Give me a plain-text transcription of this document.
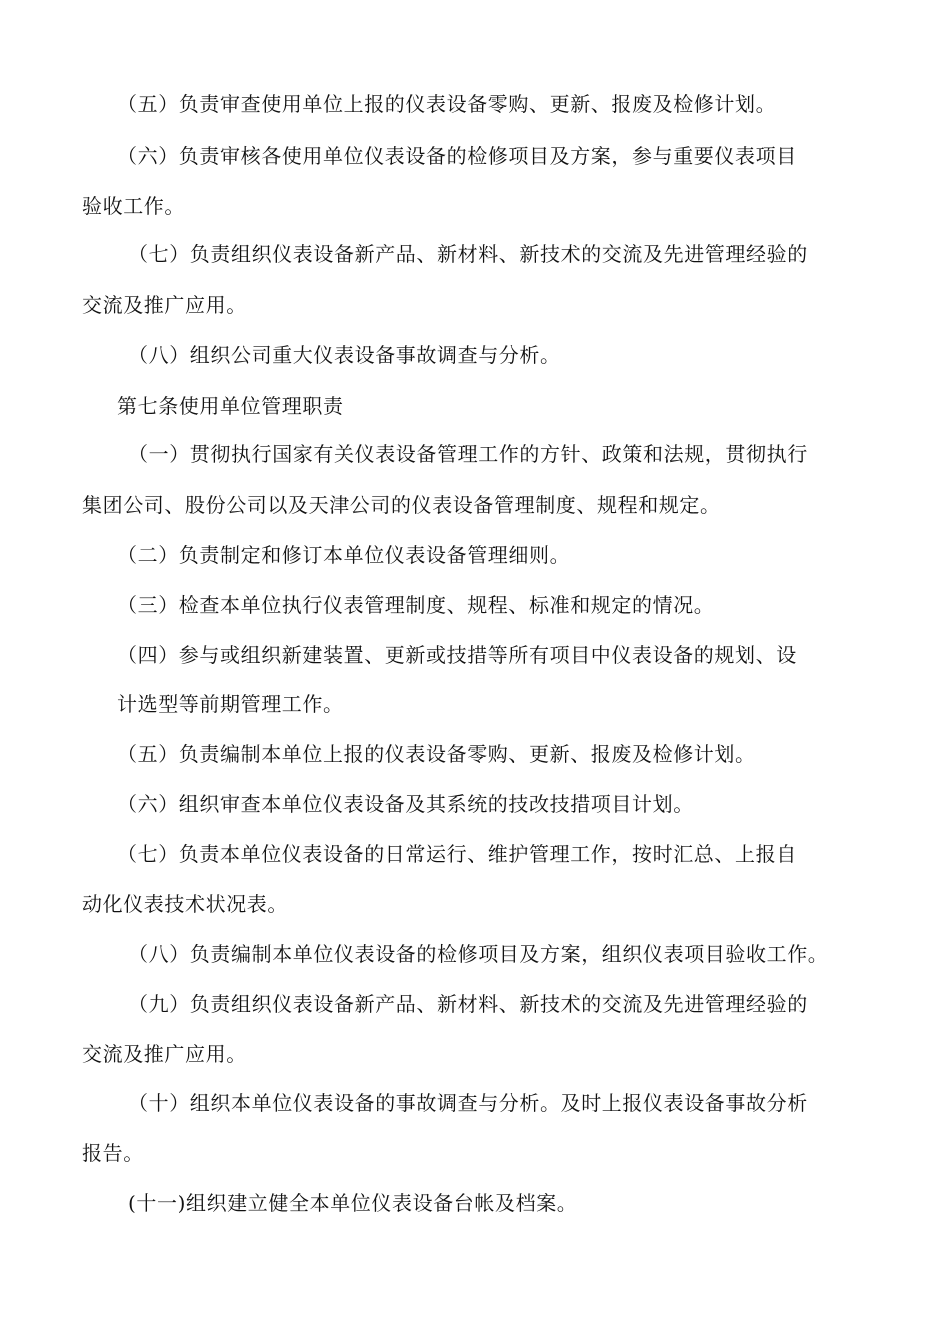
（五）负责审查使用单位上报的仪表设备零购、更新、报废及检修计划。
（六）负责审核各使用单位仪表设备的检修项目及方案，参与重要仪表项目
验收工作。
（七）负责组织仪表设备新产品、新材料、新技术的交流及先进管理经验的
交流及推广应用。
（八）组织公司重大仪表设备事故调查与分析。
第七条使用单位管理职责
（一）贯彻执行国家有关仪表设备管理工作的方针、政策和法规，贯彻执行
集团公司、股份公司以及天津公司的仪表设备管理制度、规程和规定。
（二）负责制定和修订本单位仪表设备管理细则。
（三）检查本单位执行仪表管理制度、规程、标准和规定的情况。
（四）参与或组织新建装置、更新或技措等所有项目中仪表设备的规划、设
计选型等前期管理工作。
（五）负责编制本单位上报的仪表设备零购、更新、报废及检修计划。
（六）组织审查本单位仪表设备及其系统的技改技措项目计划。
（七）负责本单位仪表设备的日常运行、维护管理工作，按时汇总、上报自
动化仪表技术状况表。
（八）负责编制本单位仪表设备的检修项目及方案，组织仪表项目验收工作。
（九）负责组织仪表设备新产品、新材料、新技术的交流及先进管理经验的
交流及推广应用。
（十）组织本单位仪表设备的事故调查与分析。及时上报仪表设备事故分析
报告。
(十一)组织建立健全本单位仪表设备台帐及档案。
